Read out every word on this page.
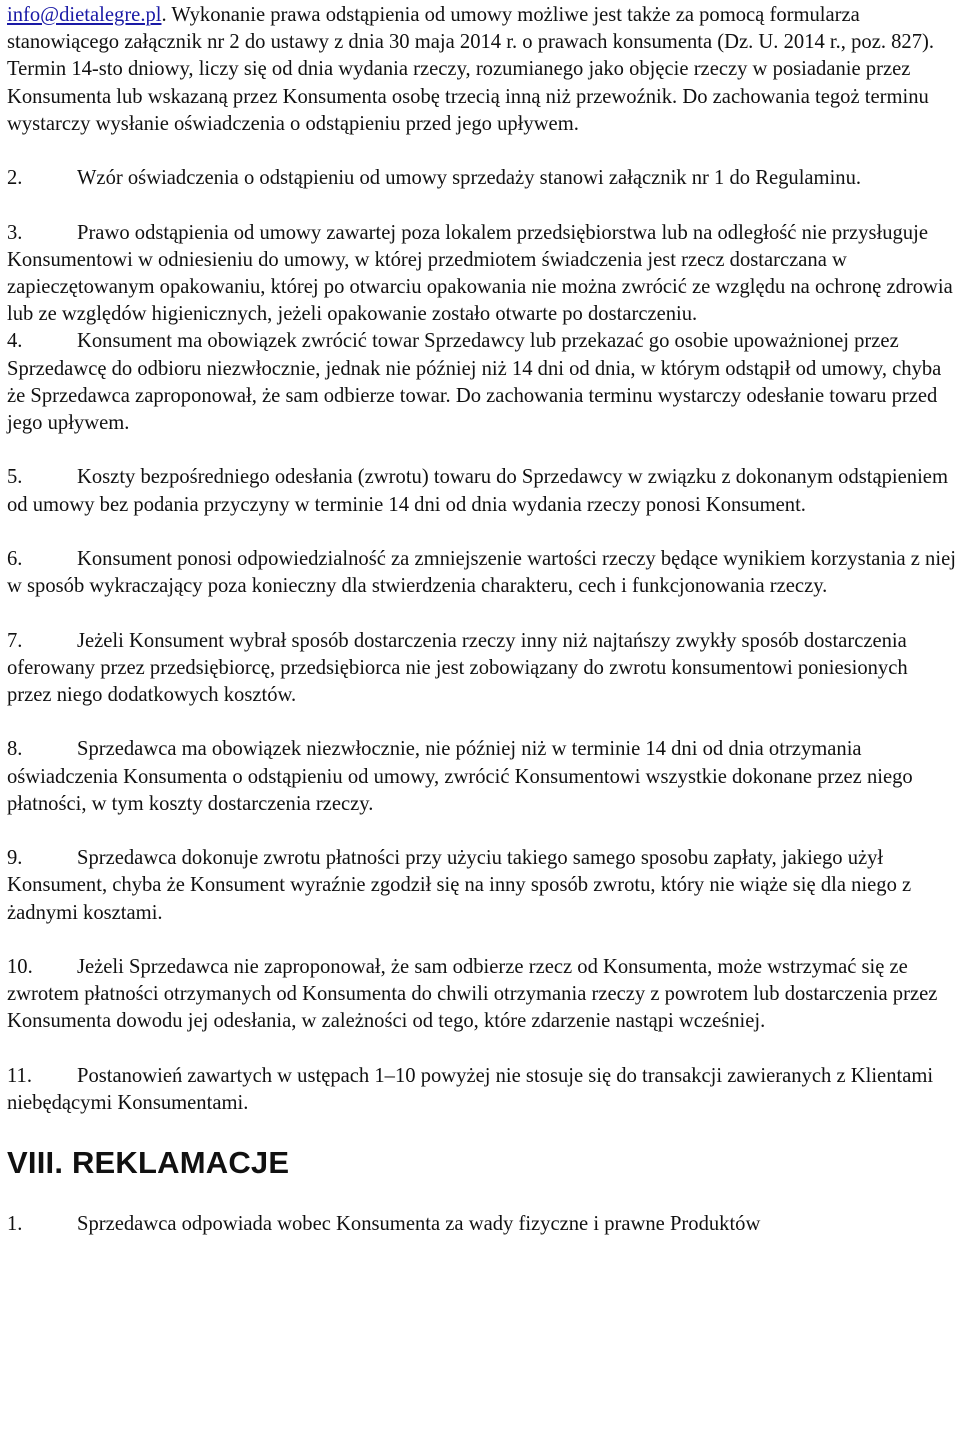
info@dietalegre.pl. Wykonanie prawa odstąpienia od umowy możliwe jest także za pomocą formularza stanowiącego załącznik nr 2 do ustawy z dnia 30 maja 2014 r. o prawach konsumenta (Dz. U. 2014 r., poz. 827). Termin 14-sto dniowy, liczy się od dnia wydania rzeczy, rozumianego jako objęcie rzeczy w posiadanie przez Konsumenta lub wskazaną przez Konsumenta osobę trzecią inną niż przewoźnik. Do zachowania tegoż terminu wystarczy wysłanie oświadczenia o odstąpieniu przed jego upływem.

2.	Wzór oświadczenia o odstąpieniu od umowy sprzedaży stanowi załącznik nr 1 do Regulaminu.

3.	Prawo odstąpienia od umowy zawartej poza lokalem przedsiębiorstwa lub na odległość nie przysługuje Konsumentowi w odniesieniu do umowy, w której przedmiotem świadczenia jest rzecz dostarczana w zapieczętowanym opakowaniu, której po otwarciu opakowania nie można zwrócić ze względu na ochronę zdrowia lub ze względów higienicznych, jeżeli opakowanie zostało otwarte po dostarczeniu.

4.	Konsument ma obowiązek zwrócić towar Sprzedawcy lub przekazać go osobie upoważnionej przez Sprzedawcę do odbioru niezwłocznie, jednak nie później niż 14 dni od dnia, w którym odstąpił od umowy, chyba że Sprzedawca zaproponował, że sam odbierze towar. Do zachowania terminu wystarczy odesłanie towaru przed jego upływem.

5.	Koszty bezpośredniego odesłania (zwrotu) towaru do Sprzedawcy w związku z dokonanym odstąpieniem od umowy bez podania przyczyny w terminie 14 dni od dnia wydania rzeczy ponosi Konsument.

6.	Konsument ponosi odpowiedzialność za zmniejszenie wartości rzeczy będące wynikiem korzystania z niej w sposób wykraczający poza konieczny dla stwierdzenia charakteru, cech i funkcjonowania rzeczy.

7.	Jeżeli Konsument wybrał sposób dostarczenia rzeczy inny niż najtańszy zwykły sposób dostarczenia oferowany przez przedsiębiorcę, przedsiębiorca nie jest zobowiązany do zwrotu konsumentowi poniesionych przez niego dodatkowych kosztów.

8.	Sprzedawca ma obowiązek niezwłocznie, nie później niż w terminie 14 dni od dnia otrzymania oświadczenia Konsumenta o odstąpieniu od umowy, zwrócić Konsumentowi wszystkie dokonane przez niego płatności, w tym koszty dostarczenia rzeczy.

9.	Sprzedawca dokonuje zwrotu płatności przy użyciu takiego samego sposobu zapłaty, jakiego użył Konsument, chyba że Konsument wyraźnie zgodził się na inny sposób zwrotu, który nie wiąże się dla niego z żadnymi kosztami.

10. Jeżeli Sprzedawca nie zaproponował, że sam odbierze rzecz od Konsumenta, może wstrzymać się ze zwrotem płatności otrzymanych od Konsumenta do chwili otrzymania rzeczy z powrotem lub dostarczenia przez Konsumenta dowodu jej odesłania, w zależności od tego, które zdarzenie nastąpi wcześniej.

11. Postanowień zawartych w ustępach 1–10 powyżej nie stosuje się do transakcji zawieranych z Klientami niebędącymi Konsumentami.

VIII. REKLAMACJE

1.	Sprzedawca odpowiada wobec Konsumenta za wady fizyczne i prawne Produktów
